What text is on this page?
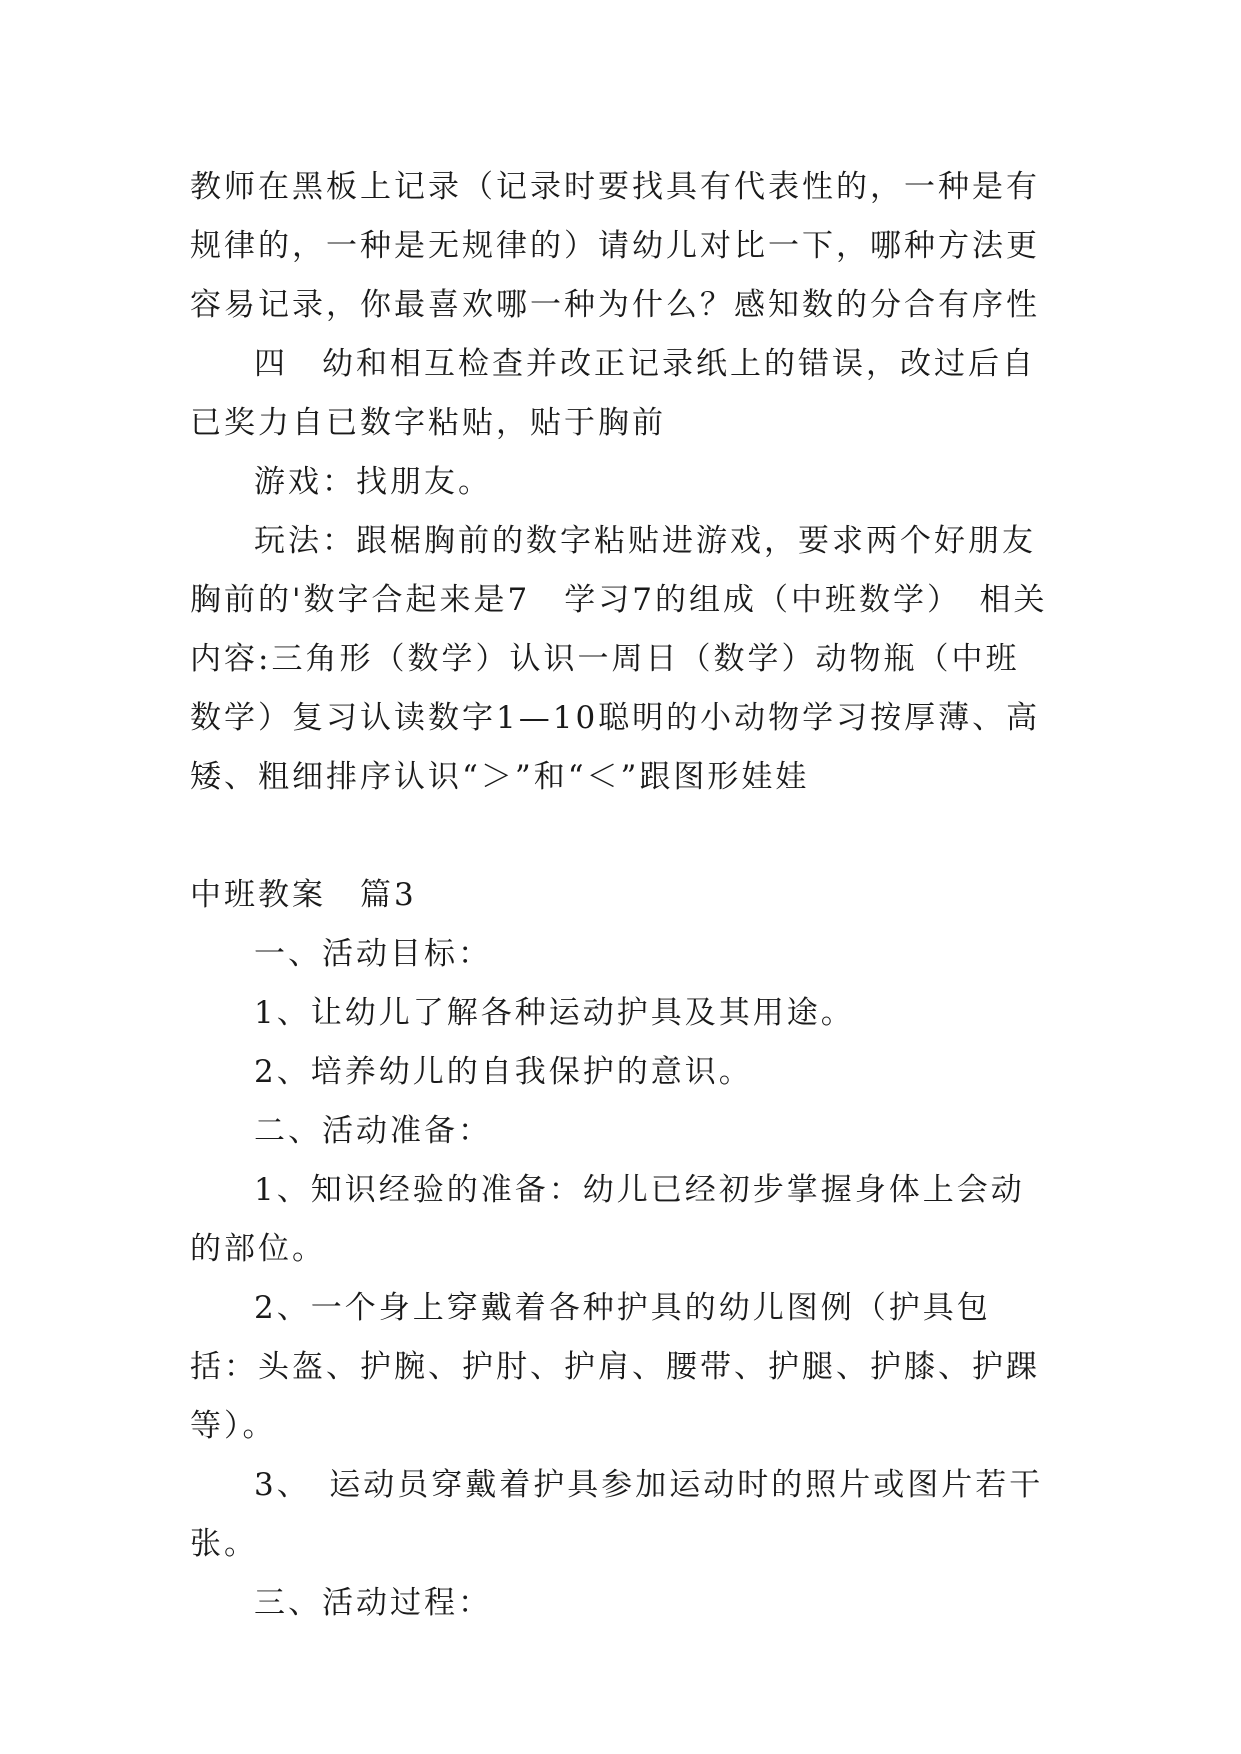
教师在黑板上记录（记录时要找具有代表性的，一种是有规律的，一种是无规律的）请幼儿对比一下，哪种方法更容易记录，你最喜欢哪一种为什么？感知数的分合有序性

四　幼和相互检查并改正记录纸上的错误，改过后自已奖力自已数字粘贴，贴于胸前

游戏：找朋友。

玩法：跟椐胸前的数字粘贴进游戏，要求两个好朋友胸前的'数字合起来是7　学习7的组成（中班数学）　相关内容:三角形（数学）认识一周日（数学）动物瓶（中班数学）复习认读数字1—10聪明的小动物学习按厚薄、高矮、粗细排序认识“＞”和“＜”跟图形娃娃

中班教案　篇3

一、活动目标：

1、让幼儿了解各种运动护具及其用途。

2、培养幼儿的自我保护的意识。

二、活动准备：

1、知识经验的准备：幼儿已经初步掌握身体上会动的部位。

2、一个身上穿戴着各种护具的幼儿图例（护具包括：头盔、护腕、护肘、护肩、腰带、护腿、护膝、护踝等）。

3、　运动员穿戴着护具参加运动时的照片或图片若干张。

三、活动过程：
